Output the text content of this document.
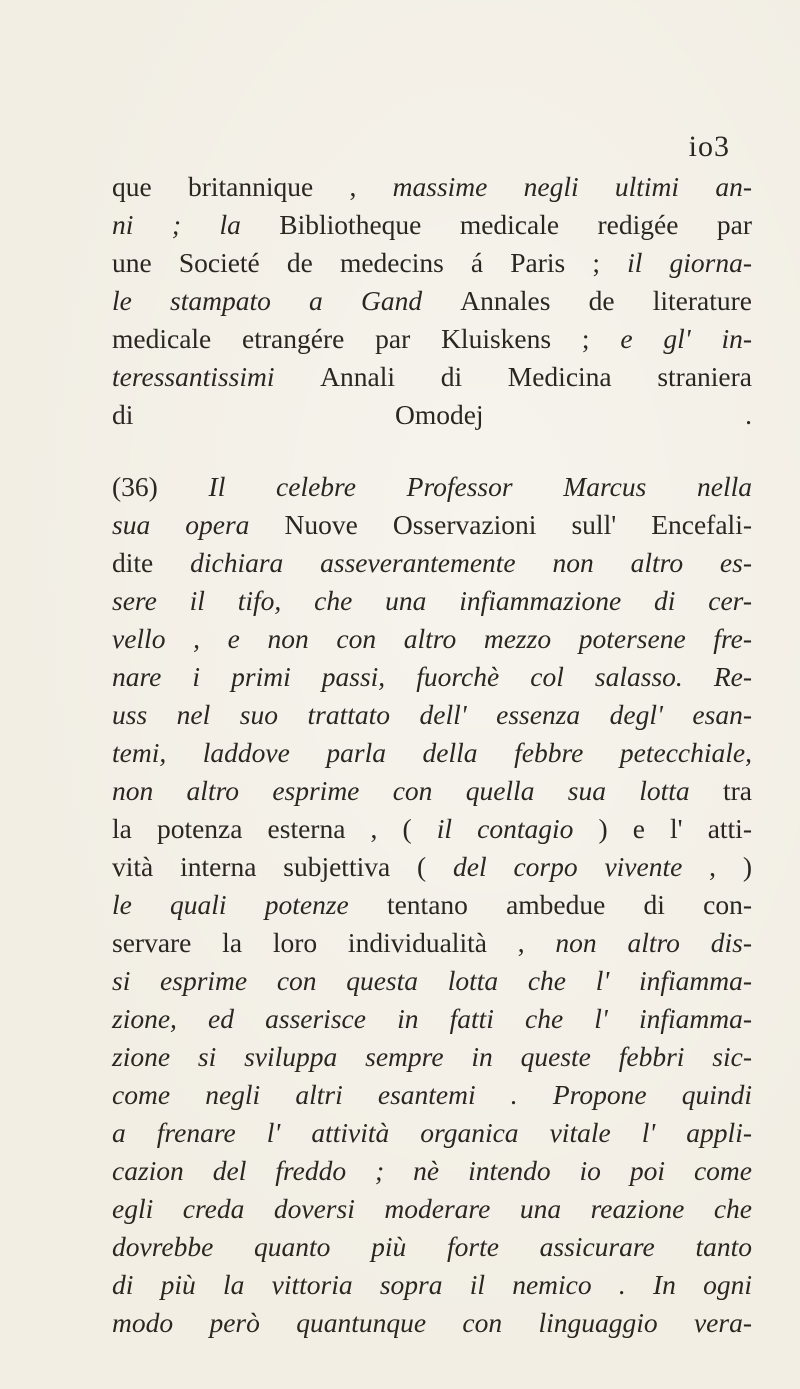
io3
que britannique , massime negli ultimi an-
ni ; la Bibliotheque medicale redigée par
une Societé de medecins á Paris ; il giorna-
le stampato a Gand Annales de literature
medicale etrangére par Kluiskens ; e gl' in-
teressantissimi Annali di Medicina straniera
di Omodej .
(36) Il celebre Professor Marcus nella
sua opera Nuove Osservazioni sull' Encefali-
dite dichiara asseverantemente non altro es-
sere il tifo, che una infiammazione di cer-
vello , e non con altro mezzo potersene fre-
nare i primi passi, fuorchè col salasso. Re-
uss nel suo trattato dell' essenza degl' esan-
temi, laddove parla della febbre petecchiale,
non altro esprime con quella sua lotta tra
la potenza esterna , ( il contagio ) e l' atti-
vità interna subjettiva ( del corpo vivente , )
le quali potenze tentano ambedue di con-
servare la loro individualità , non altro dis-
si esprime con questa lotta che l' infiamma-
zione, ed asserisce in fatti che l' infiamma-
zione si sviluppa sempre in queste febbri sic-
come negli altri esantemi . Propone quindi
a frenare l' attività organica vitale l' appli-
cazion del freddo ; nè intendo io poi come
egli creda doversi moderare una reazione che
dovrebbe quanto più forte assicurare tanto
di più la vittoria sopra il nemico . In ogni
modo però quantunque con linguaggio vera-
